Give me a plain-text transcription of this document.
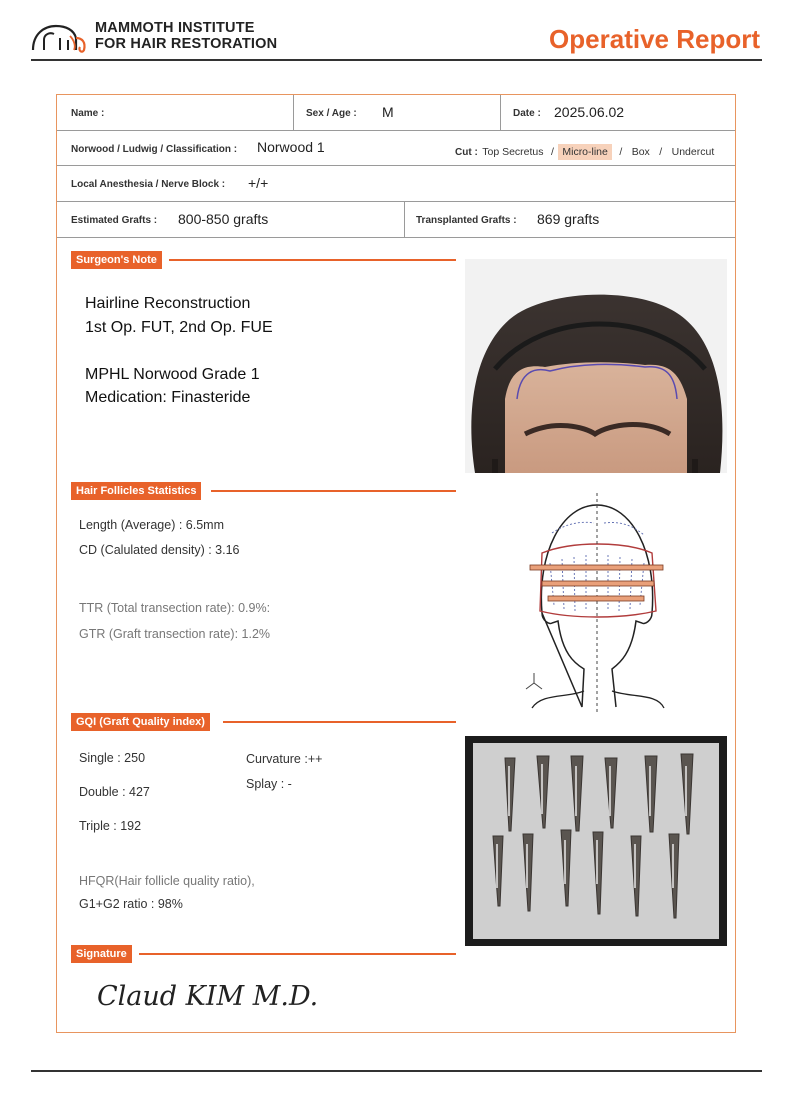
MAMMOTH INSTITUTE
FOR HAIR RESTORATION	Operative Report
Name :	Sex / Age : M	Date : 2025.06.02
Norwood / Ludwig / Classification : Norwood 1	Cut : Top Secretus / Micro-line / Box / Undercut
Local Anesthesia / Nerve Block : +/+
Estimated Grafts : 800-850 grafts	Transplanted Grafts : 869 grafts
Surgeon's Note
Hairline Reconstruction
1st Op. FUT, 2nd Op. FUE
MPHL Norwood Grade 1
Medication: Finasteride
Hair Follicles Statistics
Length (Average) : 6.5mm
CD (Calulated density) : 3.16
TTR (Total transection rate): 0.9%:
GTR (Graft transection rate): 1.2%
GQI (Graft Quality index)
Single : 250
Double : 427
Triple : 192
Curvature :++
Splay : -
HFQR(Hair follicle quality ratio),
G1+G2 ratio : 98%
Signature
Claud KIM M.D.
